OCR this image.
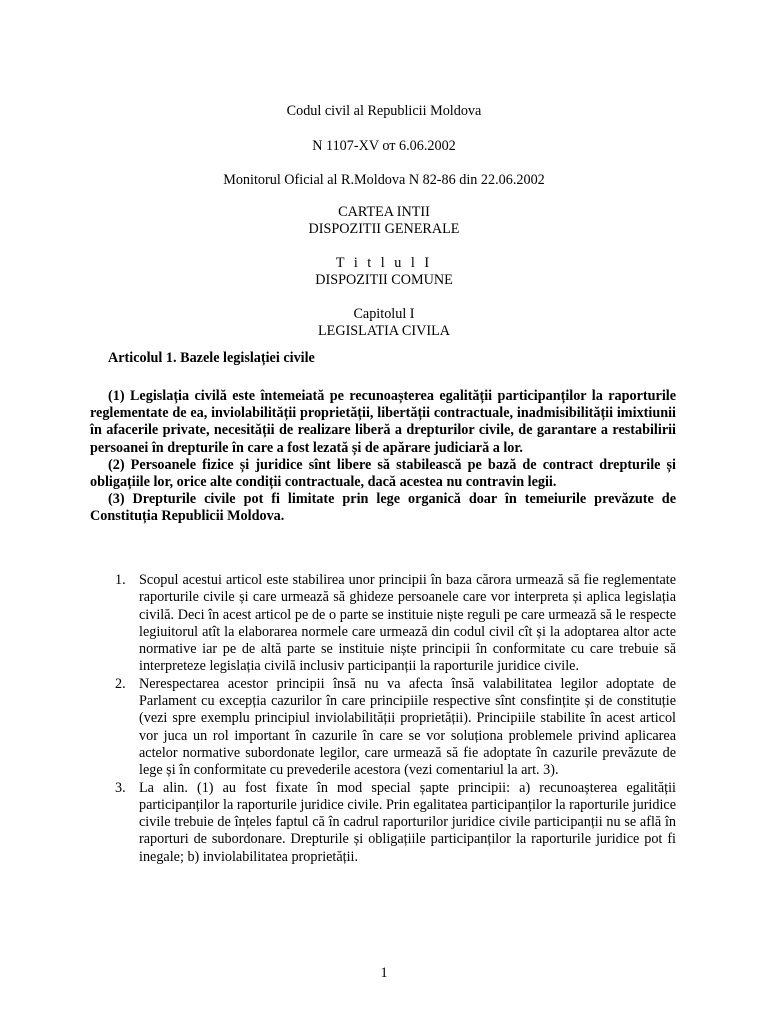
Codul civil al Republicii Moldova
N 1107-XV от 6.06.2002
Monitorul Oficial al R.Moldova N 82-86 din 22.06.2002
CARTEA INTII
DISPOZITII GENERALE
T i t l u l I
DISPOZITII COMUNE
Capitolul I
LEGISLATIA CIVILA
Articolul 1. Bazele legislației civile

(1) Legislația civilă este întemeiată pe recunoașterea egalității participanților la raporturile reglementate de ea, inviolabilității proprietății, libertății contractuale, inadmisibilității imixtiunii în afacerile private, necesității de realizare liberă a drepturilor civile, de garantare a restabilirii persoanei în drepturile în care a fost lezată și de apărare judiciară a lor.

(2) Persoanele fizice și juridice sînt libere să stabilească pe bază de contract drepturile și obligațiile lor, orice alte condiții contractuale, dacă acestea nu contravin legii.

(3) Drepturile civile pot fi limitate prin lege organică doar în temeiurile prevăzute de Constituția Republicii Moldova.

1. Scopul acestui articol este stabilirea unor principii în baza cărora urmează să fie reglementate raporturile civile și care urmează să ghideze persoanele care vor interpreta și aplica legislația civilă. Deci în acest articol pe de o parte se instituie niște reguli pe care urmează să le respecte legiuitorul atît la elaborarea normele care urmează din codul civil cît și la adoptarea altor acte normative iar pe de altă parte se instituie niște principii în conformitate cu care trebuie să interpreteze legislația civilă inclusiv participanții la raporturile juridice civile.
2. Nerespectarea acestor principii însă nu va afecta însă valabilitatea legilor adoptate de Parlament cu excepția cazurilor în care principiile respective sînt consfințite și de constituție (vezi spre exemplu principiul inviolabilității proprietății). Principiile stabilite în acest articol vor juca un rol important în cazurile în care se vor soluționa problemele privind aplicarea actelor normative subordonate legilor, care urmează să fie adoptate în cazurile prevăzute de lege și în conformitate cu prevederile acestora (vezi comentariul la art. 3).
3. La alin. (1) au fost fixate în mod special șapte principii: a) recunoașterea egalității participanților la raporturile juridice civile. Prin egalitatea participanților la raporturile juridice civile trebuie de înțeles faptul că în cadrul raporturilor juridice civile participanții nu se află în raporturi de subordonare. Drepturile și obligațiile participanților la raporturile juridice pot fi inegale; b) inviolabilitatea proprietății.
1
